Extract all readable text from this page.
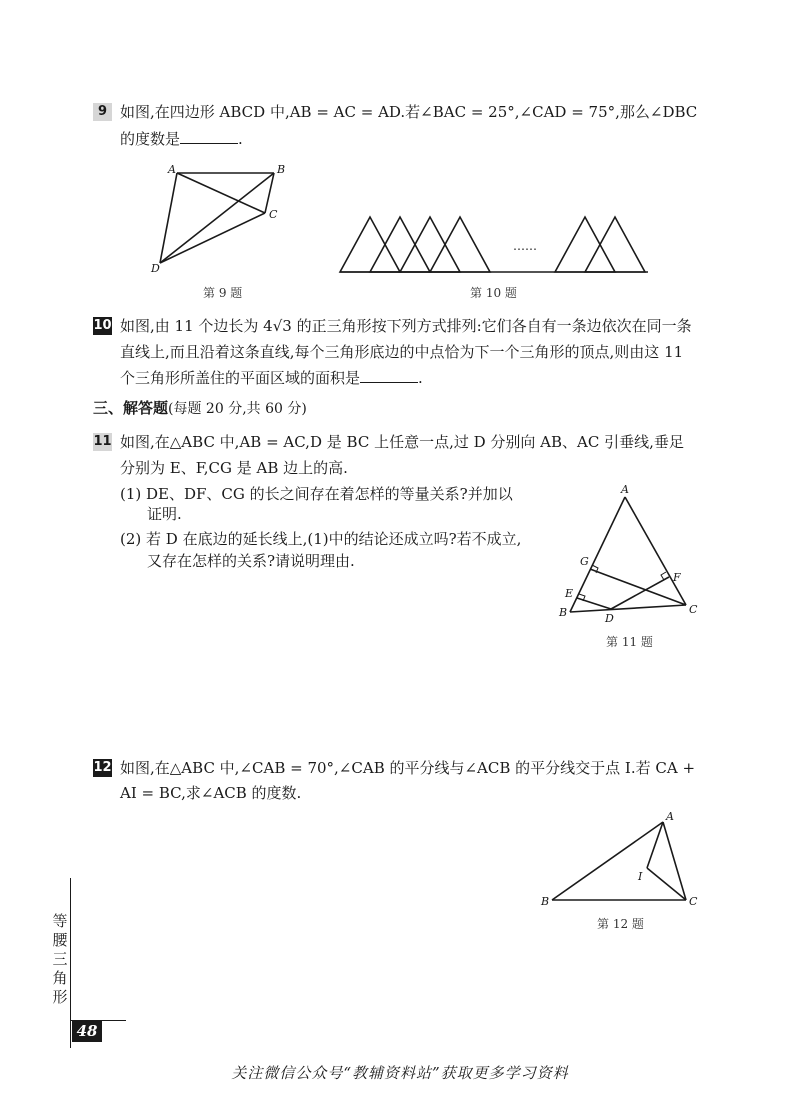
9 如图,在四边形 ABCD 中,AB = AC = AD.若∠BAC = 25°,∠CAD = 75°,那么∠DBC
的度数是	.
A	B
C
D
第 9 题
……
第 10 题
10 如图,由 11 个边长为 4√3 的正三角形按下列方式排列:它们各自有一条边依次在同一条
直线上,而且沿着这条直线,每个三角形底边的中点恰为下一个三角形的顶点,则由这 11
个三角形所盖住的平面区域的面积是	.
三、解答题(每题 20 分,共 60 分)
11 如图,在△ABC 中,AB = AC,D 是 BC 上任意一点,过 D 分别向 AB、AC 引垂线,垂足
分别为 E、F,CG 是 AB 边上的高.
(1) DE、DF、CG 的长之间存在着怎样的等量关系?并加以
证明.
(2) 若 D 在底边的延长线上,(1)中的结论还成立吗?若不成立,
又存在怎样的关系?请说明理由.
A
G
F
E
B	D
C
第 11 题
12 如图,在△ABC 中,∠CAB = 70°,∠CAB 的平分线与∠ACB 的平分线交于点 I.若 CA +
AI = BC,求∠ACB 的度数.
A
I
B	C
第 12 题
等
腰
三
角
形
48
关注微信公众号“教辅资料站”获取更多学习资料
